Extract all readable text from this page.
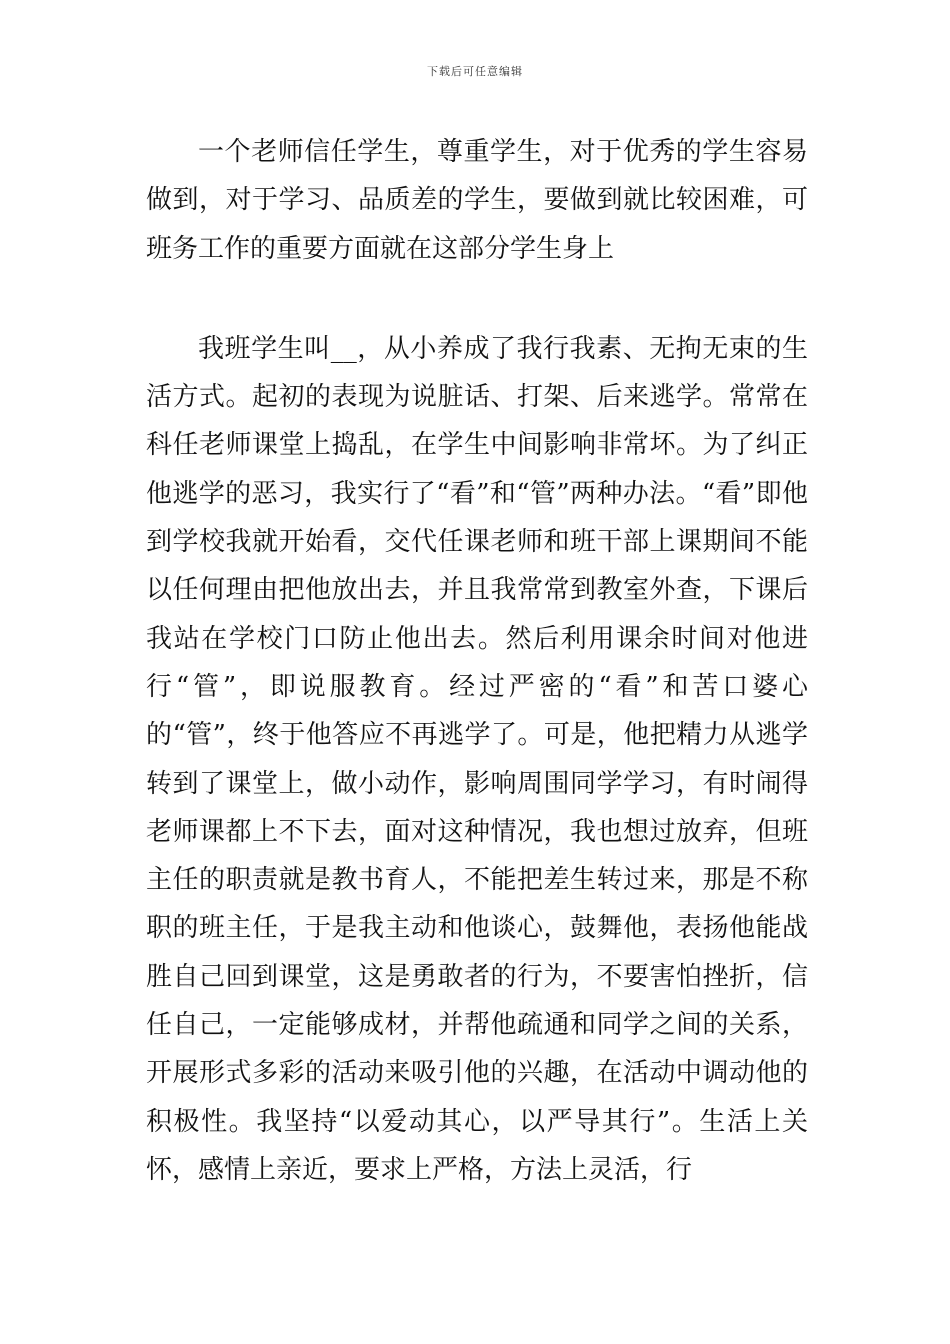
下载后可任意编辑

一个老师信任学生，尊重学生，对于优秀的学生容易做到，对于学习、品质差的学生，要做到就比较困难，可班务工作的重要方面就在这部分学生身上

我班学生叫__，从小养成了我行我素、无拘无束的生活方式。起初的表现为说脏话、打架、后来逃学。常常在科任老师课堂上捣乱，在学生中间影响非常坏。为了纠正他逃学的恶习，我实行了“看”和“管”两种办法。“看”即他到学校我就开始看，交代任课老师和班干部上课期间不能以任何理由把他放出去，并且我常常到教室外查，下课后我站在学校门口防止他出去。然后利用课余时间对他进行“管”，即说服教育。经过严密的“看”和苦口婆心的“管”，终于他答应不再逃学了。可是，他把精力从逃学转到了课堂上，做小动作，影响周围同学学习，有时闹得老师课都上不下去，面对这种情况，我也想过放弃，但班主任的职责就是教书育人，不能把差生转过来，那是不称职的班主任，于是我主动和他谈心，鼓舞他，表扬他能战胜自己回到课堂，这是勇敢者的行为，不要害怕挫折，信任自己，一定能够成材，并帮他疏通和同学之间的关系，开展形式多彩的活动来吸引他的兴趣，在活动中调动他的积极性。我坚持“以爱动其心，以严导其行”。生活上关怀，感情上亲近，要求上严格，方法上灵活，行
